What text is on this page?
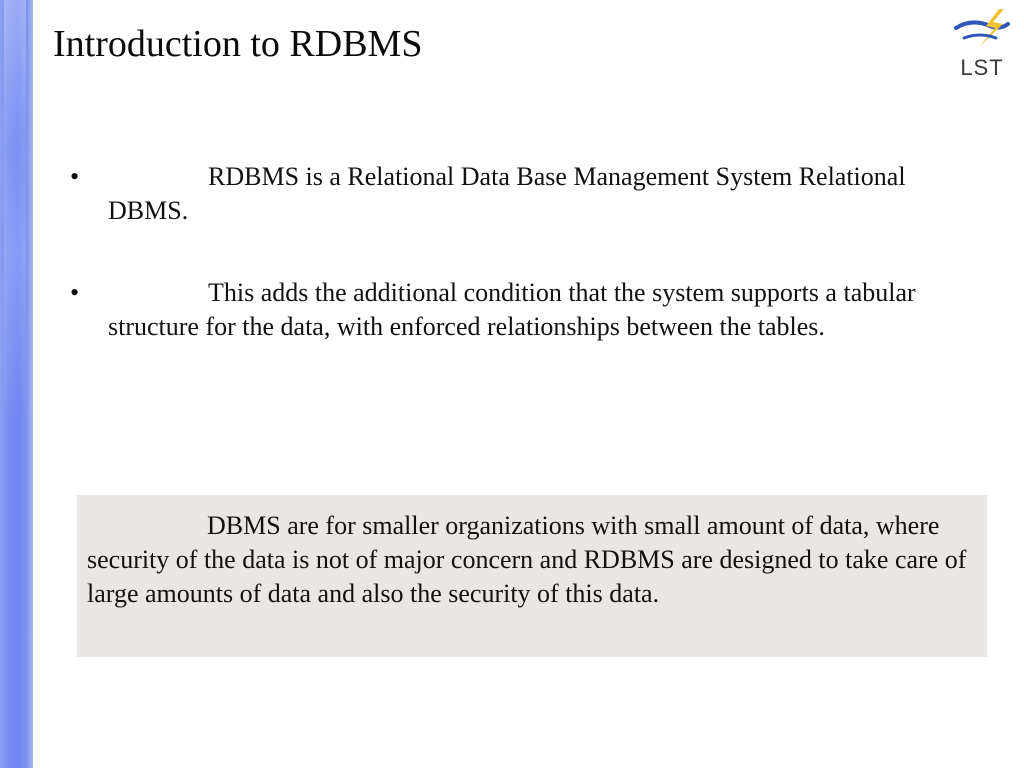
Introduction to RDBMS
LST
•	RDBMS is a Relational Data Base Management System Relational DBMS.
•	This adds the additional condition that the system supports a tabular structure for the data, with enforced relationships between the tables.
DBMS are for smaller organizations with small amount of data, where security of the data is not of major concern and RDBMS are designed to take care of large amounts of data and also the security of this data.
